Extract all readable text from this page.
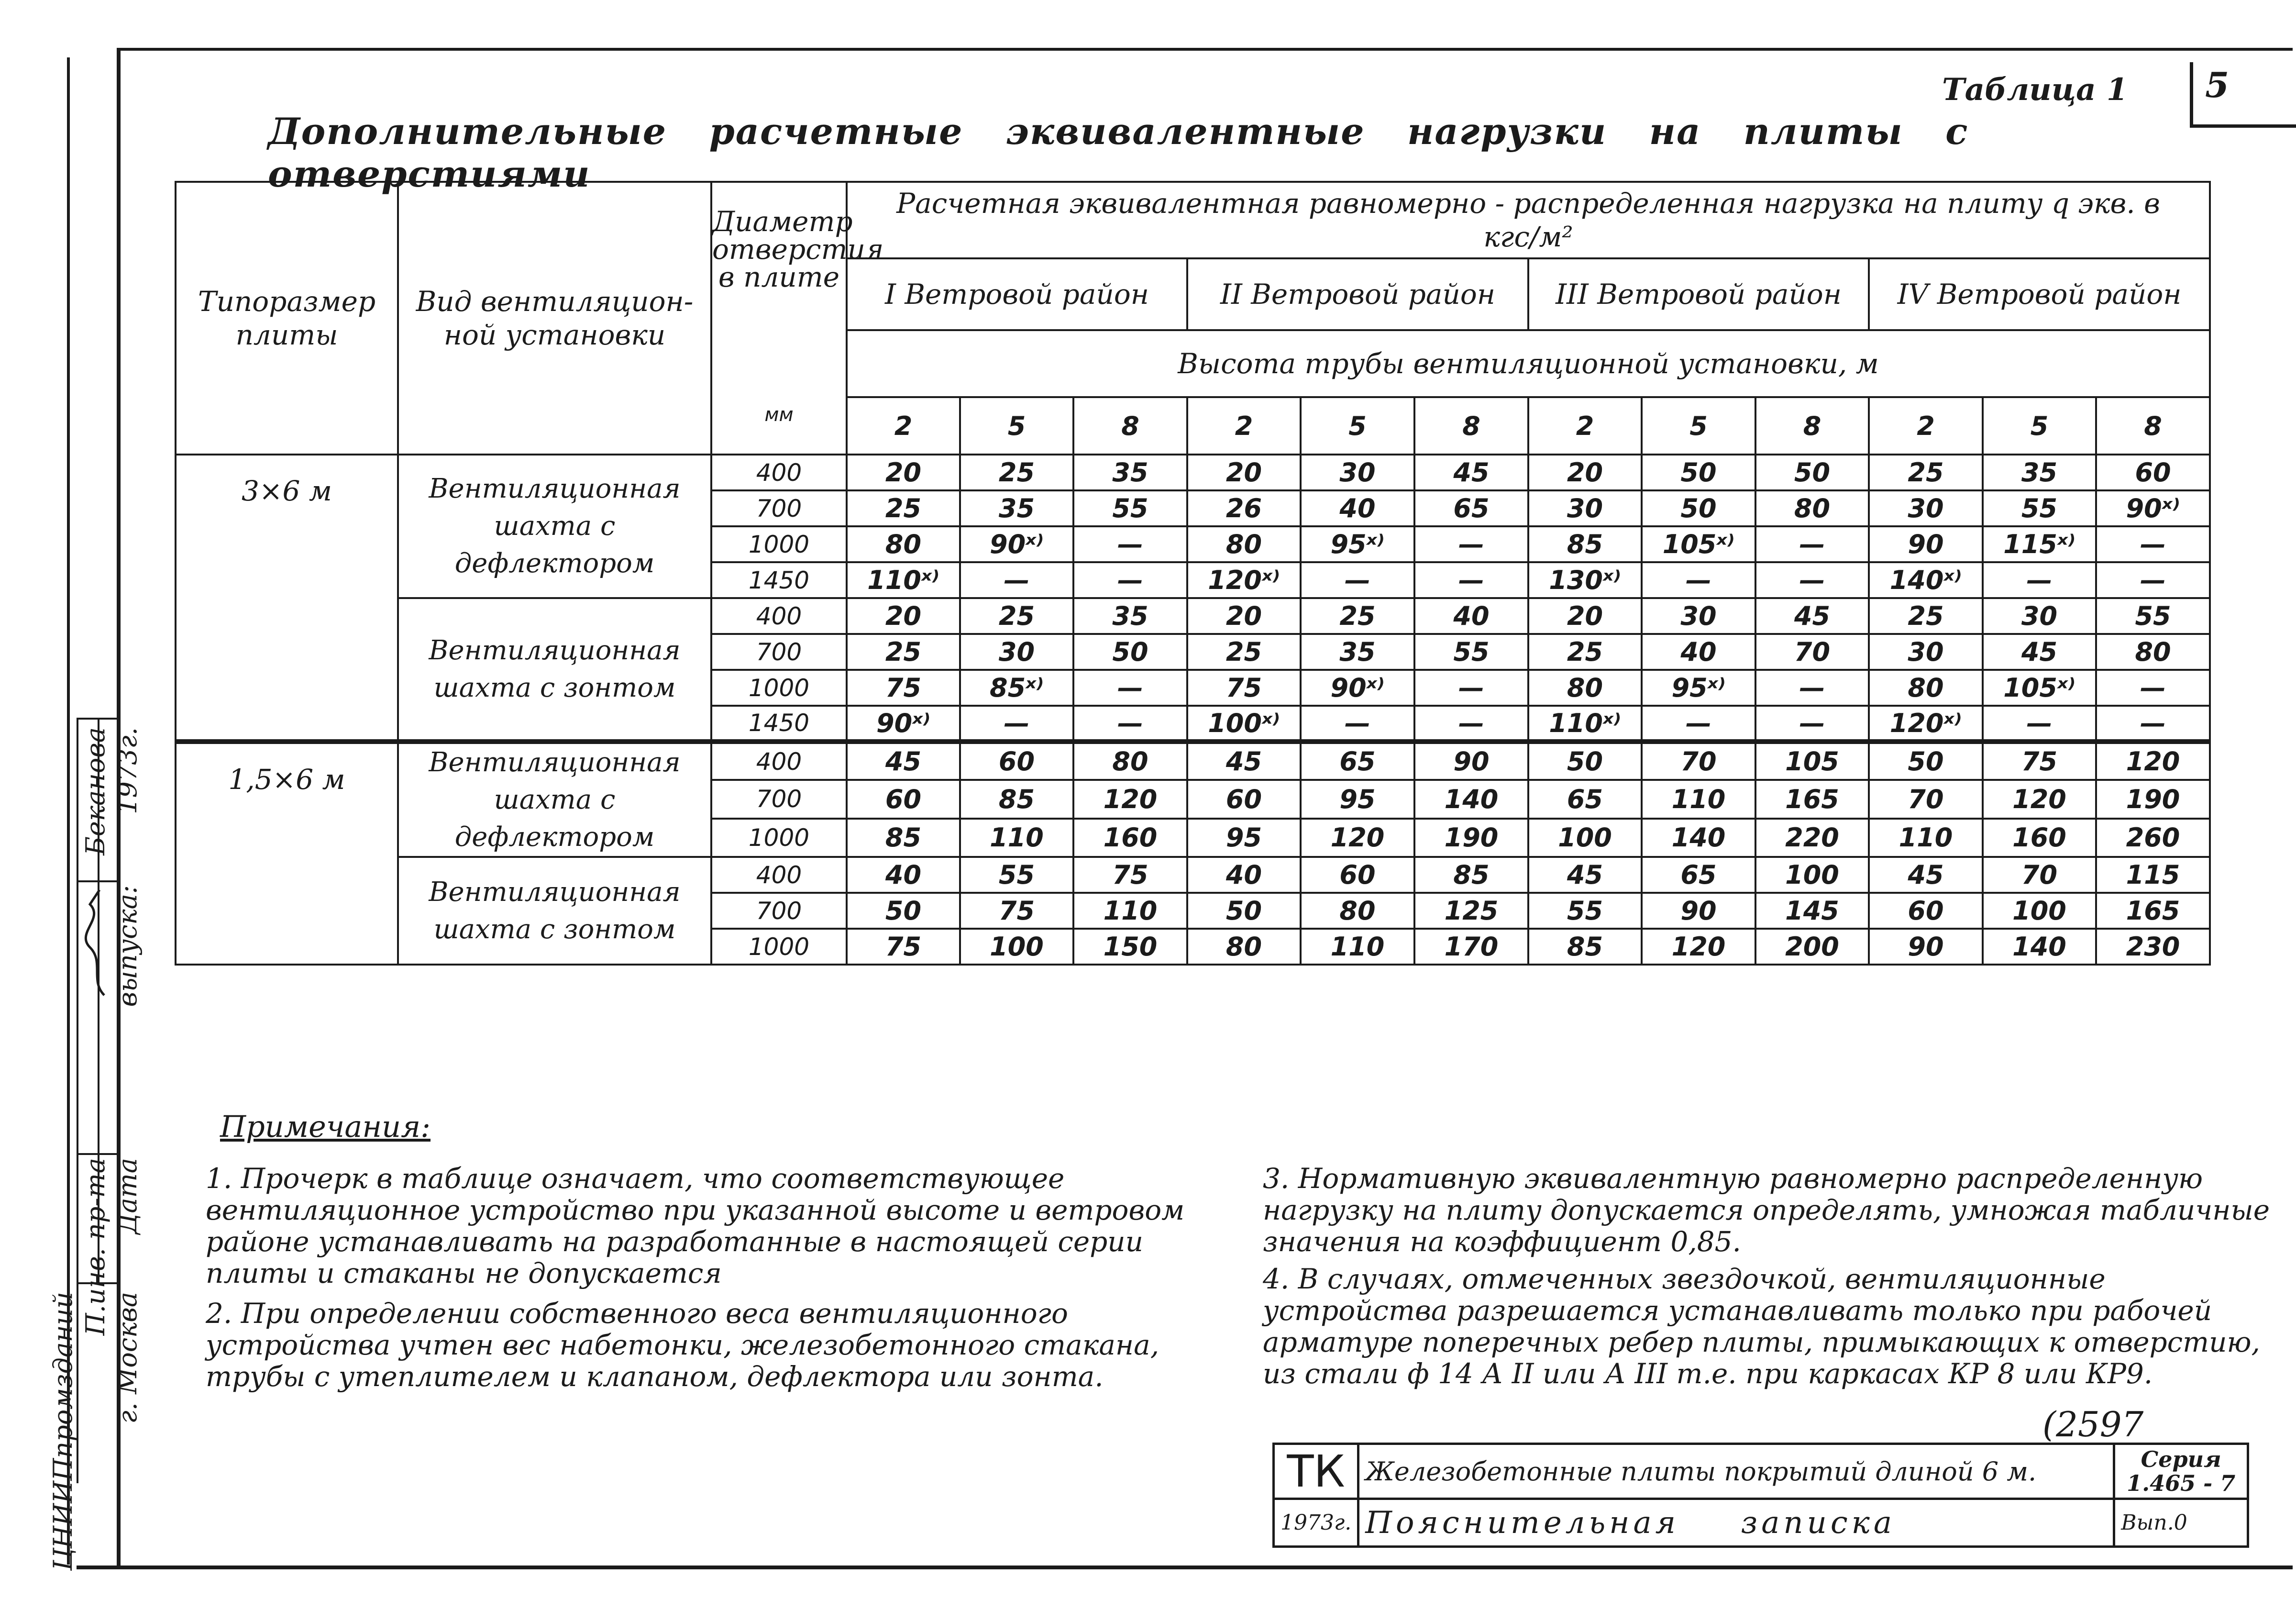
П.инв. пр-та Дата
выпуска:
Беканова 1973г.
г. Москва
ЦНИИПпромзданий
5
Таблица 1
Дополнительные расчетные эквивалентные нагрузки на плиты с отверстиями
Типоразмер плиты	Вид вентиляцион-ной установки	Диаметр отверстия в плите
мм	Расчетная эквивалентная равномерно - распределенная нагрузка на плиту q экв. в кгс/м²											
			I Ветровой район			II Ветровой район			III Ветровой район			IV Ветровой район		
			Высота трубы вентиляционной установки, м											
			2	5	8	2	5	8	2	5	8	2	5	8
3×6 м	Вентиляционная шахта с дефлектором	400	20	25	35	20	30	45	20	50	50	25	35	60
		700	25	35	55	26	40	65	30	50	80	30	55	90ˣ⁾
		1000	80	90ˣ⁾	—	80	95ˣ⁾	—	85	105ˣ⁾	—	90	115ˣ⁾	—
		1450	110ˣ⁾	—	—	120ˣ⁾	—	—	130ˣ⁾	—	—	140ˣ⁾	—	—
	Вентиляционная шахта с зонтом	400	20	25	35	20	25	40	20	30	45	25	30	55
		700	25	30	50	25	35	55	25	40	70	30	45	80
		1000	75	85ˣ⁾	—	75	90ˣ⁾	—	80	95ˣ⁾	—	80	105ˣ⁾	—
		1450	90ˣ⁾	—	—	100ˣ⁾	—	—	110ˣ⁾	—	—	120ˣ⁾	—	—
1,5×6 м	Вентиляционная шахта с дефлектором	400	45	60	80	45	65	90	50	70	105	50	75	120
		700	60	85	120	60	95	140	65	110	165	70	120	190
		1000	85	110	160	95	120	190	100	140	220	110	160	260
	Вентиляционная шахта с зонтом	400	40	55	75	40	60	85	45	65	100	45	70	115
		700	50	75	110	50	80	125	55	90	145	60	100	165
		1000	75	100	150	80	110	170	85	120	200	90	140	230
Примечания:
1. Прочерк в таблице означает, что соответствующее вентиляционное устройство при указанной высоте и ветровом районе устанавливать на разработанные в настоящей серии плиты и стаканы не допускается
2. При определении собственного веса вентиляционного устройства учтен вес набетонки, железобетонного стакана, трубы с утеплителем и клапаном, дефлектора или зонта.
3. Нормативную эквивалентную равномерно распределенную нагрузку на плиту допускается определять, умножая табличные значения на коэффициент 0,85.
4. В случаях, отмеченных звездочкой, вентиляционные устройства разрешается устанавливать только при рабочей арматуре поперечных ребер плиты, примыкающих к отверстию, из стали ф 14 А II или А III т.е. при каркасах КР 8 или КР9.
(2597
ТК	Железобетонные плиты покрытий длиной 6 м.	Серия 1.465 - 7
1973г.	Пояснительная записка	Вып.0
